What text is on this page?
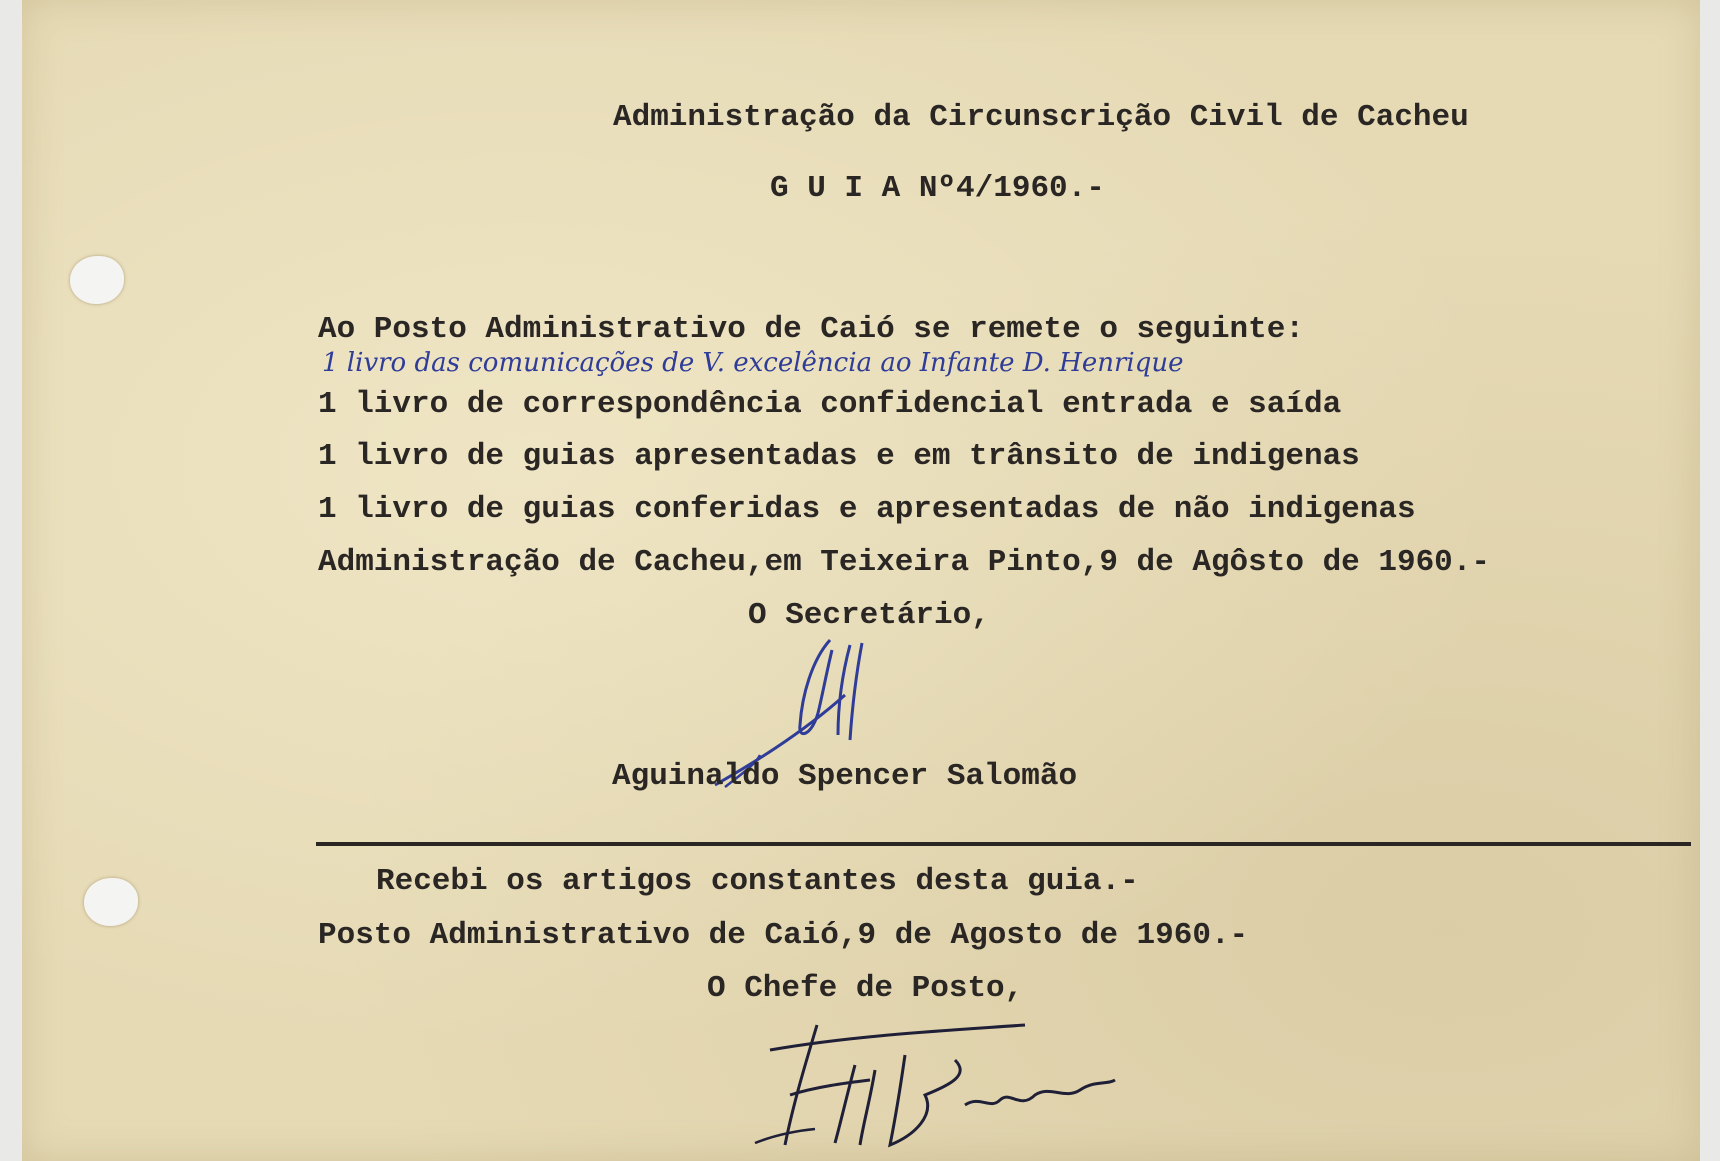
Administração da Circunscrição Civil de Cacheu

G U I A Nº4/1960.-

Ao Posto Administrativo de Caió se remete o seguinte:

1 livro das comunicações de V. excelência ao Infante D. Henrique

1 livro de correspondência confidencial entrada e saída

1 livro de guias apresentadas e em trânsito de indigenas

1 livro de guias conferidas e apresentadas de não indigenas

Administração de Cacheu,em Teixeira Pinto,9 de Agôsto de 1960.-

O Secretário,

Aguinaldo Spencer Salomão

Recebi os artigos constantes desta guia.-

Posto Administrativo de Caió,9 de Agosto de 1960.-

O Chefe de Posto,
